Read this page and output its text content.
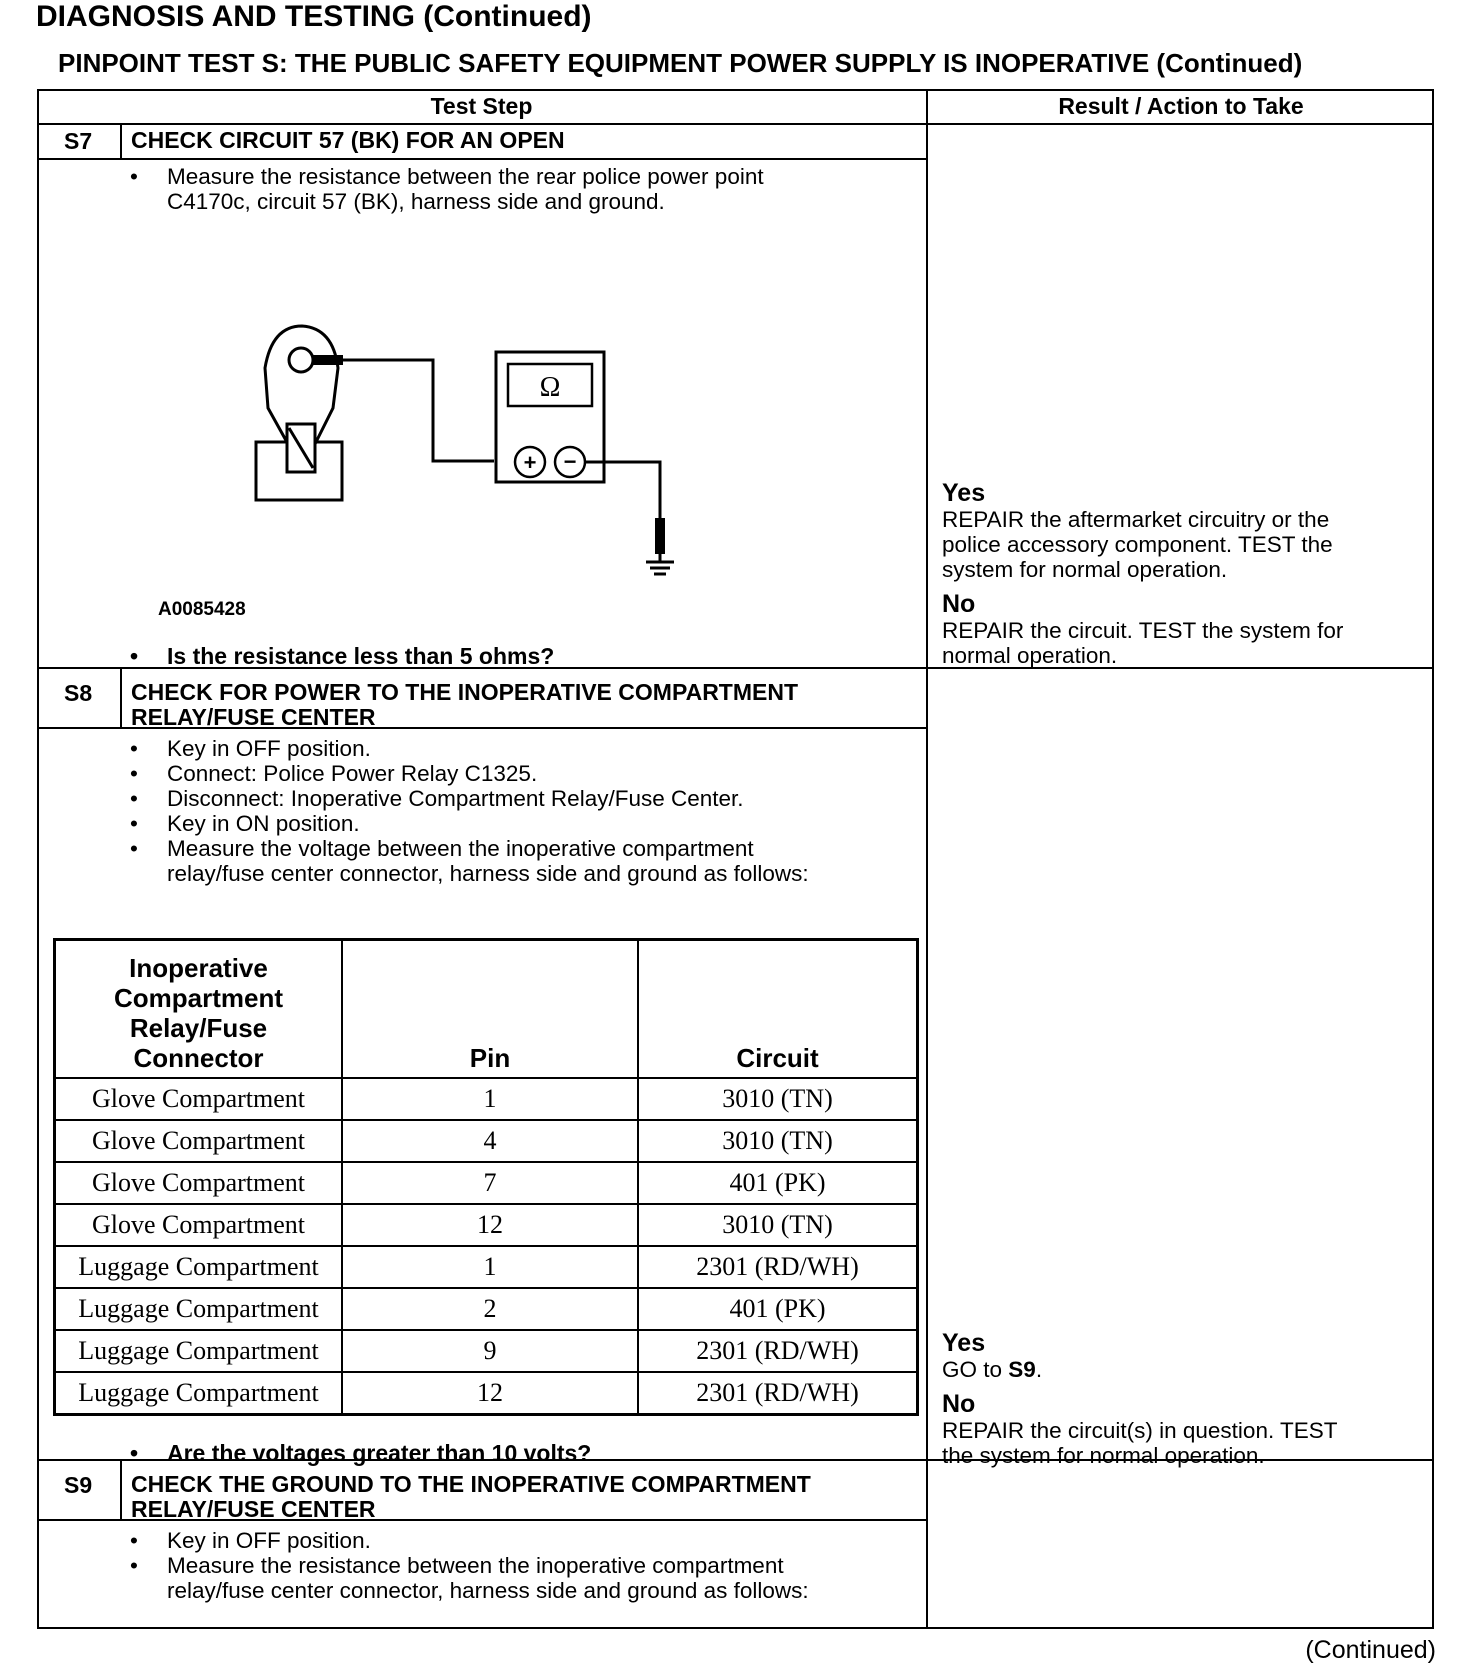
DIAGNOSIS AND TESTING (Continued)
PINPOINT TEST S: THE PUBLIC SAFETY EQUIPMENT POWER SUPPLY IS INOPERATIVE (Continued)
Test Step	Result / Action to Take
S7 CHECK CIRCUIT 57 (BK) FOR AN OPEN
•	Measure the resistance between the rear police power point
C4170c, circuit 57 (BK), harness side and ground.
Ω
+ −
A0085428
•	Is the resistance less than 5 ohms?
Yes
REPAIR the aftermarket circuitry or the
police accessory component. TEST the
system for normal operation.
No
REPAIR the circuit. TEST the system for
normal operation.
S8 CHECK FOR POWER TO THE INOPERATIVE COMPARTMENT
RELAY/FUSE CENTER
•	Key in OFF position.
•	Connect: Police Power Relay C1325.
•	Disconnect: Inoperative Compartment Relay/Fuse Center.
•	Key in ON position.
•	Measure the voltage between the inoperative compartment
relay/fuse center connector, harness side and ground as follows:
Inoperative
Compartment
Relay/Fuse
Connector	Pin	Circuit
Glove Compartment	1	3010 (TN)
Glove Compartment	4	3010 (TN)
Glove Compartment	7	401 (PK)
Glove Compartment	12	3010 (TN)
Luggage Compartment	1	2301 (RD/WH)
Luggage Compartment	2	401 (PK)
Luggage Compartment	9	2301 (RD/WH)
Luggage Compartment	12	2301 (RD/WH)
•	Are the voltages greater than 10 volts?
Yes
GO to S9.
No
REPAIR the circuit(s) in question. TEST
the system for normal operation.
S9 CHECK THE GROUND TO THE INOPERATIVE COMPARTMENT
RELAY/FUSE CENTER
•	Key in OFF position.
•	Measure the resistance between the inoperative compartment
relay/fuse center connector, harness side and ground as follows:
(Continued)
